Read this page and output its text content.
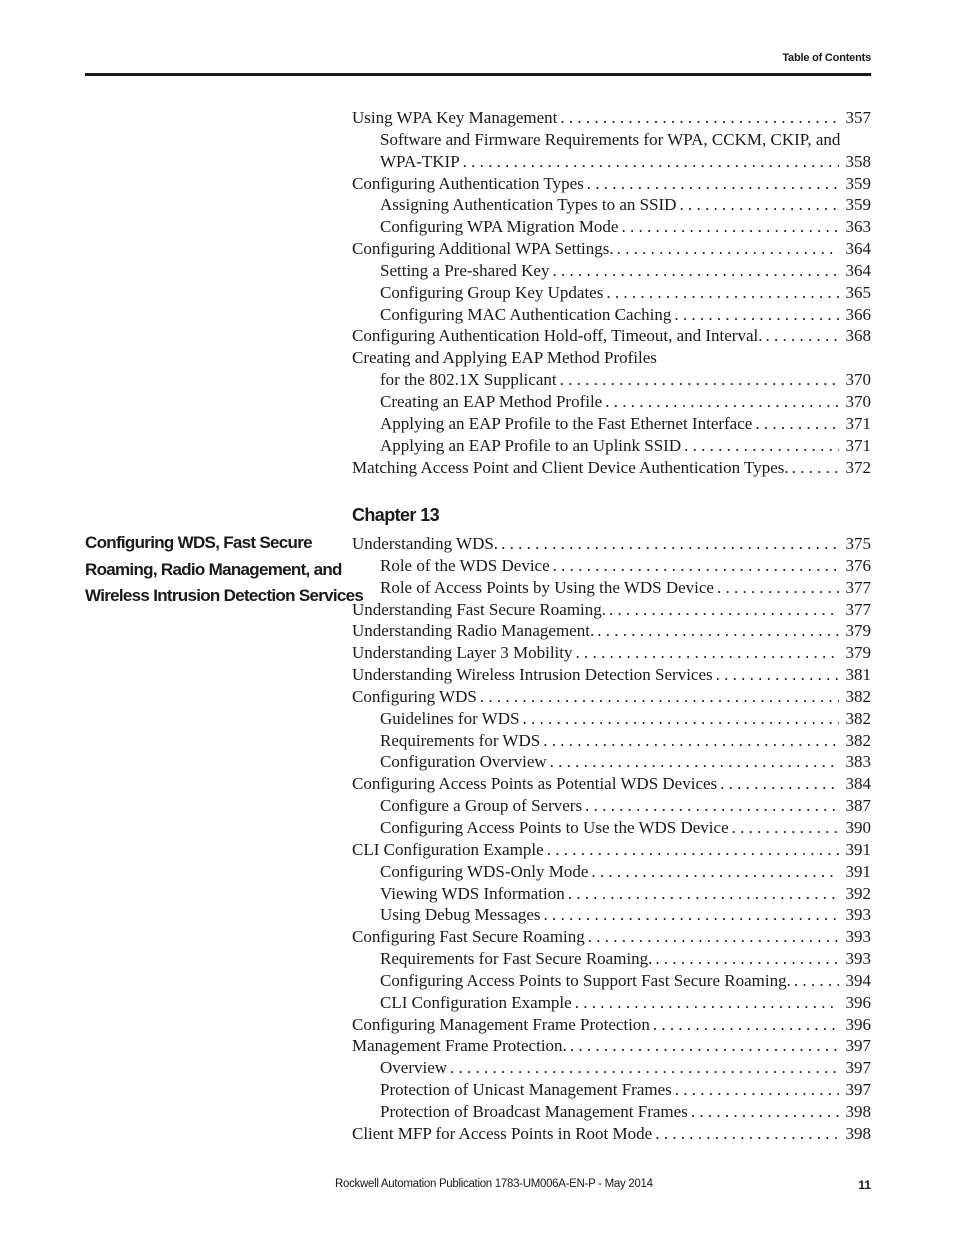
Table of Contents
Using WPA Key Management . . .	357
Software and Firmware Requirements for WPA, CCKM, CKIP, and
WPA-TKIP . . .	358
Configuring Authentication Types . . .	359
Assigning Authentication Types to an SSID . . .	359
Configuring WPA Migration Mode . . .	363
Configuring Additional WPA Settings. . . .	364
Setting a Pre-shared Key . . .	364
Configuring Group Key Updates . . .	365
Configuring MAC Authentication Caching . . .	366
Configuring Authentication Hold-off, Timeout, and Interval. . . .	368
Creating and Applying EAP Method Profiles
for the 802.1X Supplicant . . .	370
Creating an EAP Method Profile . . .	370
Applying an EAP Profile to the Fast Ethernet Interface . . .	371
Applying an EAP Profile to an Uplink SSID . . .	371
Matching Access Point and Client Device Authentication Types. . . .	372
Chapter 13
Configuring WDS, Fast Secure
Roaming, Radio Management, and
Wireless Intrusion Detection Services
Understanding WDS. . . .	375
Role of the WDS Device . . .	376
Role of Access Points by Using the WDS Device . . .	377
Understanding Fast Secure Roaming. . . .	377
Understanding Radio Management. . . .	379
Understanding Layer 3 Mobility . . .	379
Understanding Wireless Intrusion Detection Services . . .	381
Configuring WDS . . .	382
Guidelines for WDS . . .	382
Requirements for WDS . . .	382
Configuration Overview . . .	383
Configuring Access Points as Potential WDS Devices . . .	384
Configure a Group of Servers . . .	387
Configuring Access Points to Use the WDS Device . . .	390
CLI Configuration Example . . .	391
Configuring WDS-Only Mode . . .	391
Viewing WDS Information . . .	392
Using Debug Messages . . .	393
Configuring Fast Secure Roaming . . .	393
Requirements for Fast Secure Roaming. . . .	393
Configuring Access Points to Support Fast Secure Roaming. . . .	394
CLI Configuration Example . . .	396
Configuring Management Frame Protection . . .	396
Management Frame Protection. . . .	397
Overview . . .	397
Protection of Unicast Management Frames . . .	397
Protection of Broadcast Management Frames . . .	398
Client MFP for Access Points in Root Mode . . .	398
Rockwell Automation Publication 1783-UM006A-EN-P - May 2014	11
